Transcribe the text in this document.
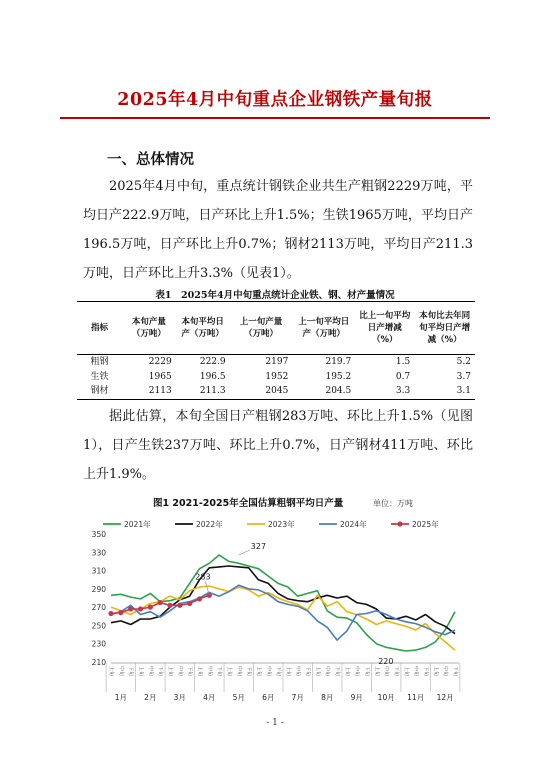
2025年4月中旬重点企业钢铁产量旬报
一、总体情况
2025年4月中旬，重点统计钢铁企业共生产粗钢2229万吨，平均日产222.9万吨，日产环比上升1.5%；生铁1965万吨，平均日产196.5万吨，日产环比上升0.7%；钢材2113万吨，平均日产211.3万吨，日产环比上升3.3%（见表1）。
表1　2025年4月中旬重点统计企业铁、钢、材产量情况
指标	本旬产量（万吨）	本旬平均日产（万吨）	上一旬产量（万吨）	上一旬平均日产（万吨）	比上一旬平均日产增减（%）	本旬比去年同旬平均日产增减（%）
粗钢	2229	222.9	2197	219.7	1.5	5.2
生铁	1965	196.5	1952	195.2	0.7	3.7
钢材	2113	211.3	2045	204.5	3.3	3.1
据此估算，本旬全国日产粗钢283万吨、环比上升1.5%（见图1），日产生铁237万吨、环比上升0.7%，日产钢材411万吨、环比上升1.9%。
图1 2021-2025年全国估算粗钢平均日产量	单位：万吨
2021年	2022年	2023年	2024年	2025年
210
230
250
270
290
310
330
350
上旬 中旬 下旬 上旬 中旬 下旬 上旬 中旬 下旬 上旬 中旬 下旬 上旬 中旬 下旬 上旬 中旬 下旬 上旬 中旬 下旬 上旬 中旬 下旬 上旬 中旬 下旬 上旬 中旬 下旬 上旬 中旬 下旬 上旬 中旬 下旬
1月 2月 3月 4月 5月 6月 7月 8月 9月 10月 11月 12月
327
283
220
- 1 -
